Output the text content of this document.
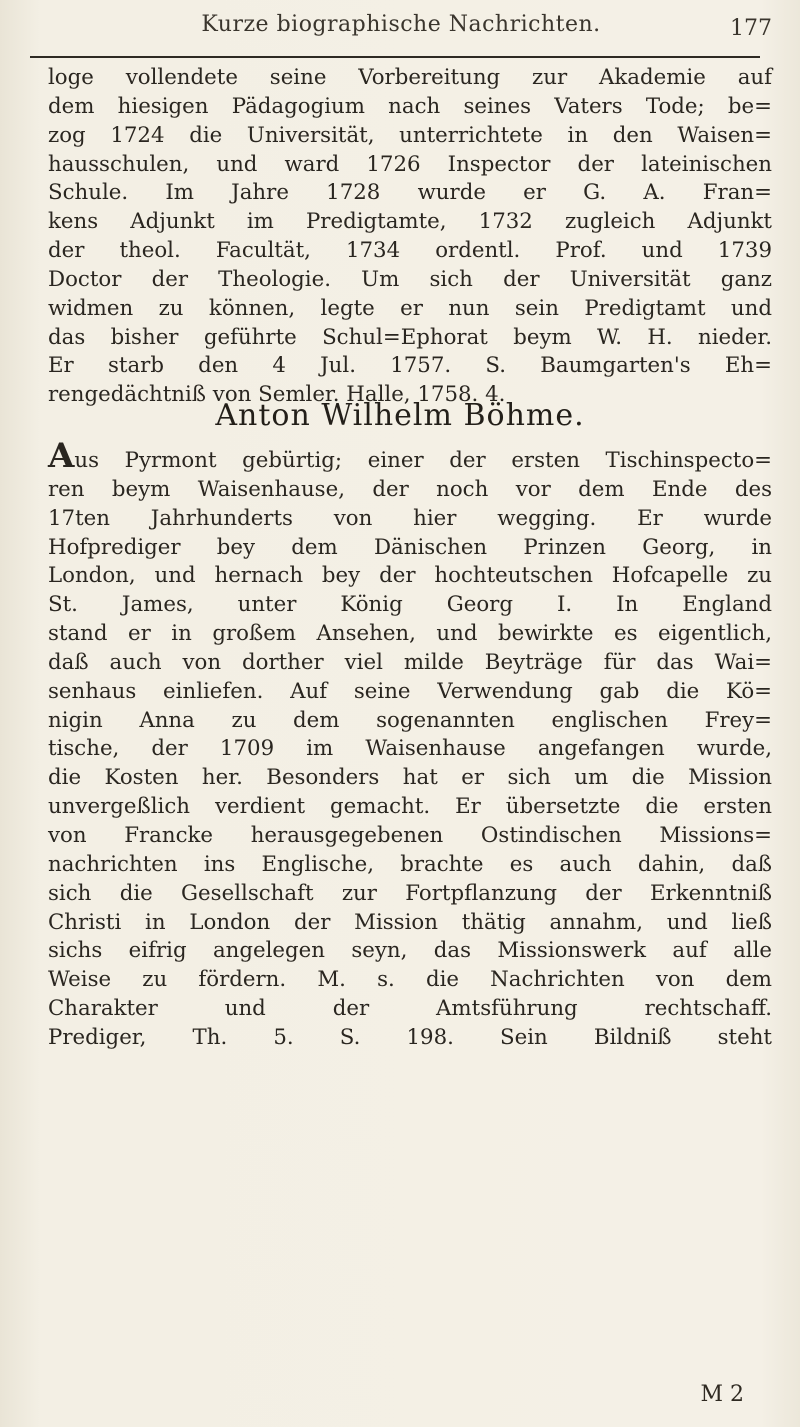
Kurze biographische Nachrichten.	177
loge vollendete seine Vorbereitung zur Akademie auf
dem hiesigen Pädagogium nach seines Vaters Tode; be=
zog 1724 die Universität, unterrichtete in den Waisen=
hausschulen, und ward 1726 Inspector der lateinischen
Schule. Im Jahre 1728 wurde er G. A. Fran=
kens Adjunkt im Predigtamte, 1732 zugleich Adjunkt
der theol. Facultät, 1734 ordentl. Prof. und 1739
Doctor der Theologie. Um sich der Universität ganz
widmen zu können, legte er nun sein Predigtamt und
das bisher geführte Schul=Ephorat beym W. H. nieder.
Er starb den 4 Jul. 1757. S. Baumgarten's Eh=
rengedächtniß von Semler. Halle, 1758. 4.
Anton Wilhelm Böhme.
Aus Pyrmont gebürtig; einer der ersten Tischinspecto=
ren beym Waisenhause, der noch vor dem Ende des
17ten Jahrhunderts von hier wegging. Er wurde
Hofprediger bey dem Dänischen Prinzen Georg, in
London, und hernach bey der hochteutschen Hofcapelle zu
St. James, unter König Georg I. In England
stand er in großem Ansehen, und bewirkte es eigentlich,
daß auch von dorther viel milde Beyträge für das Wai=
senhaus einliefen. Auf seine Verwendung gab die Kö=
nigin Anna zu dem sogenannten englischen Frey=
tische, der 1709 im Waisenhause angefangen wurde,
die Kosten her. Besonders hat er sich um die Mission
unvergeßlich verdient gemacht. Er übersetzte die ersten
von Francke herausgegebenen Ostindischen Missions=
nachrichten ins Englische, brachte es auch dahin, daß
sich die Gesellschaft zur Fortpflanzung der Erkenntniß
Christi in London der Mission thätig annahm, und ließ
sichs eifrig angelegen seyn, das Missionswerk auf alle
Weise zu fördern. M. s. die Nachrichten von dem
Charakter und der Amtsführung rechtschaff.
Prediger, Th. 5. S. 198. Sein Bildniß steht
M 2
